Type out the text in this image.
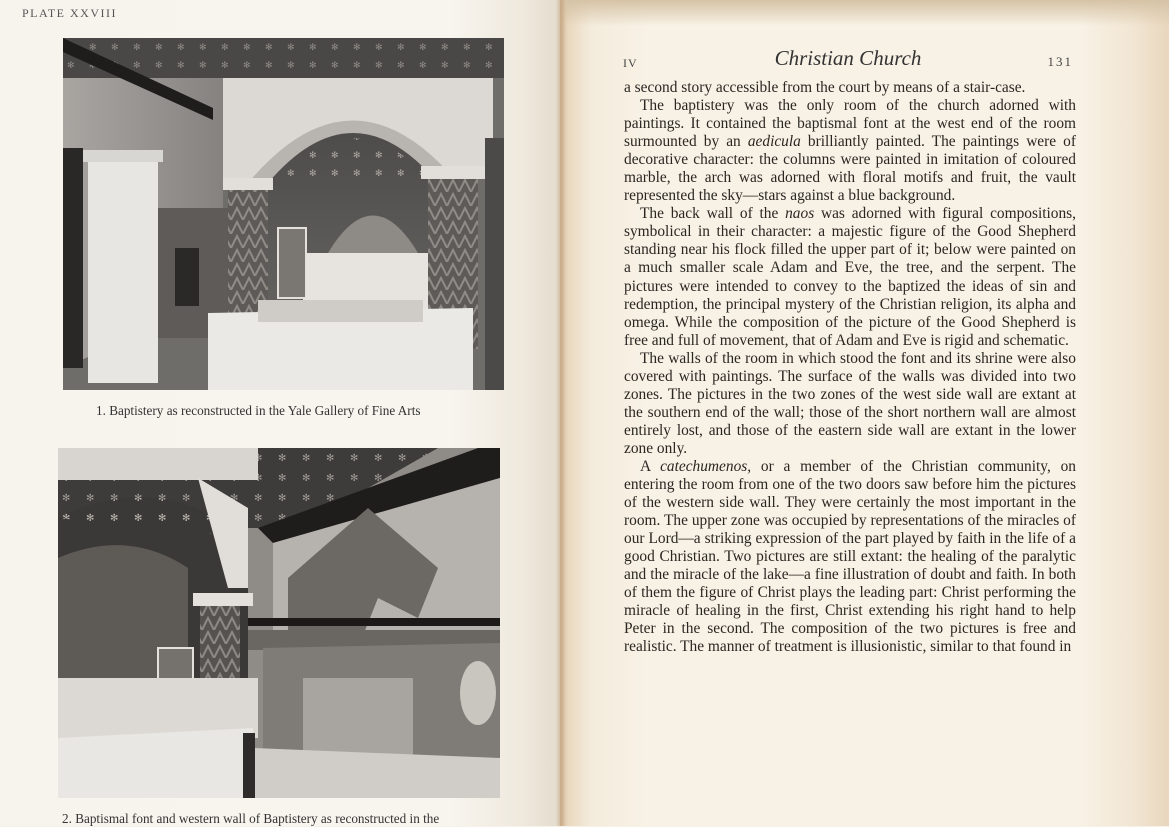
PLATE XXVIII
1. Baptistery as reconstructed in the Yale Gallery of Fine Arts
2. Baptismal font and western wall of Baptistery as reconstructed in the
IV	Christian Church	131

a second story accessible from the court by means of a stair-case.

The baptistery was the only room of the church adorned with paintings. It contained the baptismal font at the west end of the room surmounted by an aedicula brilliantly painted. The paintings were of decorative character: the columns were painted in imitation of coloured marble, the arch was adorned with floral motifs and fruit, the vault represented the sky—stars against a blue background.

The back wall of the naos was adorned with figural compositions, symbolical in their character: a majestic figure of the Good Shepherd standing near his flock filled the upper part of it; below were painted on a much smaller scale Adam and Eve, the tree, and the serpent. The pictures were intended to convey to the baptized the ideas of sin and redemption, the principal mystery of the Christian religion, its alpha and omega. While the composition of the picture of the Good Shepherd is free and full of movement, that of Adam and Eve is rigid and schematic.

The walls of the room in which stood the font and its shrine were also covered with paintings. The surface of the walls was divided into two zones. The pictures in the two zones of the west side wall are extant at the southern end of the wall; those of the short northern wall are almost entirely lost, and those of the eastern side wall are extant in the lower zone only.

A catechumenos, or a member of the Christian community, on entering the room from one of the two doors saw before him the pictures of the western side wall. They were certainly the most important in the room. The upper zone was occupied by representations of the miracles of our Lord—a striking expression of the part played by faith in the life of a good Christian. Two pictures are still extant: the healing of the paralytic and the miracle of the lake—a fine illustration of doubt and faith. In both of them the figure of Christ plays the leading part: Christ performing the miracle of healing in the first, Christ extending his right hand to help Peter in the second. The composition of the two pictures is free and realistic. The manner of treatment is illusionistic, similar to that found in
